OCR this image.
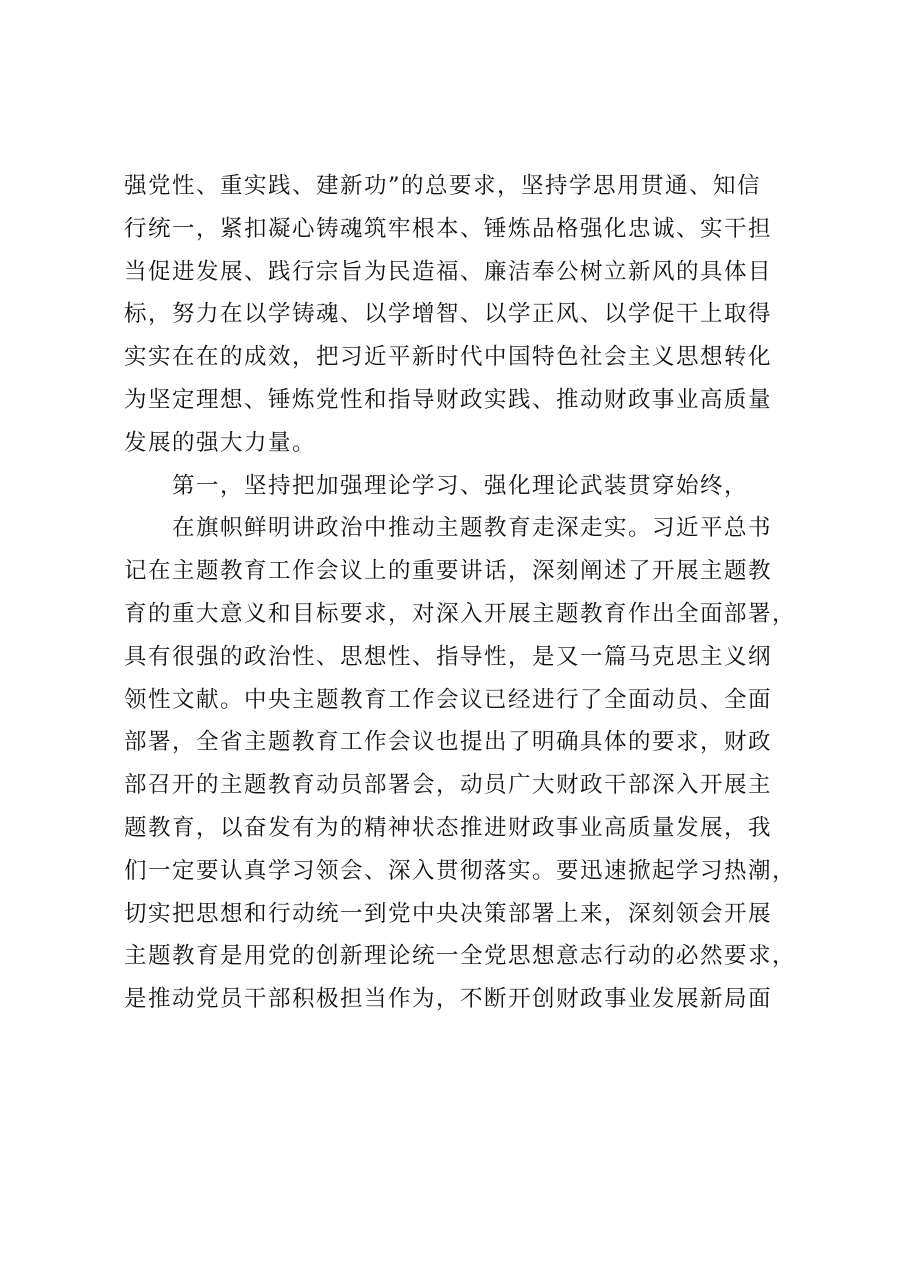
强党性、重实践、建新功”的总要求，坚持学思用贯通、知信
行统一，紧扣凝心铸魂筑牢根本、锤炼品格强化忠诚、实干担
当促进发展、践行宗旨为民造福、廉洁奉公树立新风的具体目
标，努力在以学铸魂、以学增智、以学正风、以学促干上取得
实实在在的成效，把习近平新时代中国特色社会主义思想转化
为坚定理想、锤炼党性和指导财政实践、推动财政事业高质量
发展的强大力量。
第一，坚持把加强理论学习、强化理论武装贯穿始终，
在旗帜鲜明讲政治中推动主题教育走深走实。习近平总书
记在主题教育工作会议上的重要讲话，深刻阐述了开展主题教
育的重大意义和目标要求，对深入开展主题教育作出全面部署，
具有很强的政治性、思想性、指导性，是又一篇马克思主义纲
领性文献。中央主题教育工作会议已经进行了全面动员、全面
部署，全省主题教育工作会议也提出了明确具体的要求，财政
部召开的主题教育动员部署会，动员广大财政干部深入开展主
题教育，以奋发有为的精神状态推进财政事业高质量发展，我
们一定要认真学习领会、深入贯彻落实。要迅速掀起学习热潮，
切实把思想和行动统一到党中央决策部署上来，深刻领会开展
主题教育是用党的创新理论统一全党思想意志行动的必然要求，
是推动党员干部积极担当作为，不断开创财政事业发展新局面
